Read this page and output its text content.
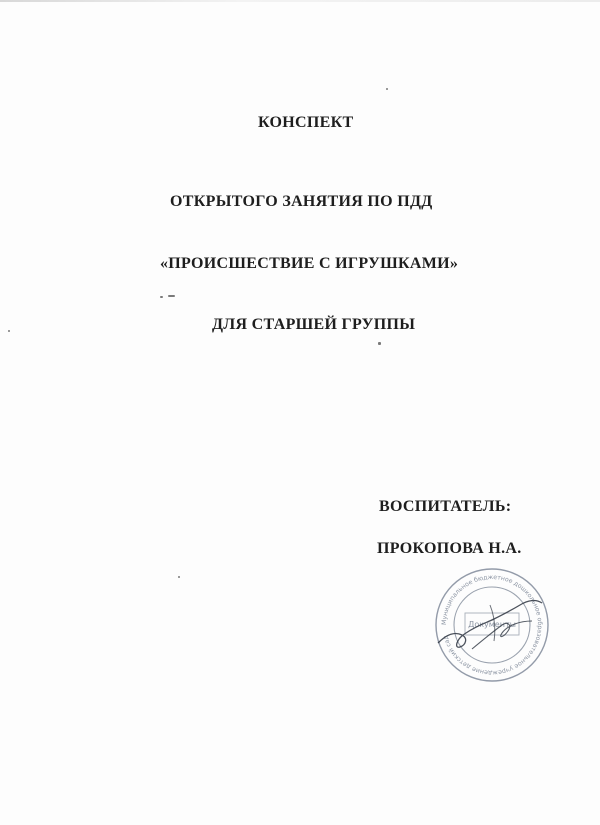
КОНСПЕКТ
ОТКРЫТОГО ЗАНЯТИЯ ПО ПДД
«ПРОИСШЕСТВИЕ С ИГРУШКАМИ»
ДЛЯ СТАРШЕЙ ГРУППЫ
ВОСПИТАТЕЛЬ:
ПРОКОПОВА Н.А.
Муниципальное бюджетное дошкольное образовательное учреждение детский сад
Документы
